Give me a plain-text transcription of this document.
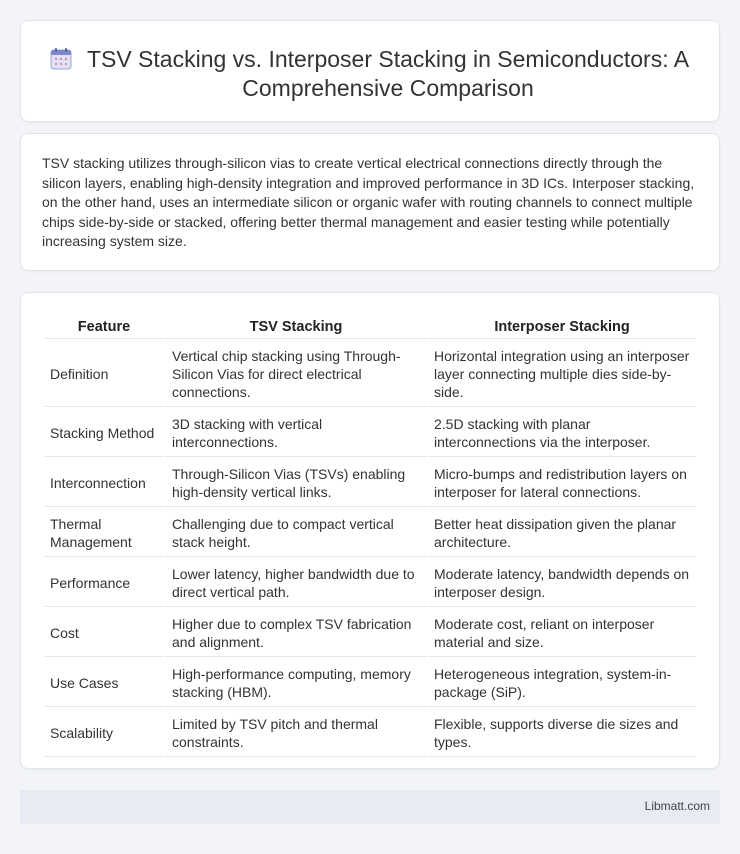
TSV Stacking vs. Interposer Stacking in Semiconductors: A Comprehensive Comparison

TSV stacking utilizes through-silicon vias to create vertical electrical connections directly through the silicon layers, enabling high-density integration and improved performance in 3D ICs. Interposer stacking, on the other hand, uses an intermediate silicon or organic wafer with routing channels to connect multiple chips side-by-side or stacked, offering better thermal management and easier testing while potentially increasing system size.

Feature	TSV Stacking	Interposer Stacking
Definition	Vertical chip stacking using Through-Silicon Vias for direct electrical connections.	Horizontal integration using an interposer layer connecting multiple dies side-by-side.
Stacking Method	3D stacking with vertical interconnections.	2.5D stacking with planar interconnections via the interposer.
Interconnection	Through-Silicon Vias (TSVs) enabling high-density vertical links.	Micro-bumps and redistribution layers on interposer for lateral connections.
Thermal Management	Challenging due to compact vertical stack height.	Better heat dissipation given the planar architecture.
Performance	Lower latency, higher bandwidth due to direct vertical path.	Moderate latency, bandwidth depends on interposer design.
Cost	Higher due to complex TSV fabrication and alignment.	Moderate cost, reliant on interposer material and size.
Use Cases	High-performance computing, memory stacking (HBM).	Heterogeneous integration, system-in-package (SiP).
Scalability	Limited by TSV pitch and thermal constraints.	Flexible, supports diverse die sizes and types.
Libmatt.com
